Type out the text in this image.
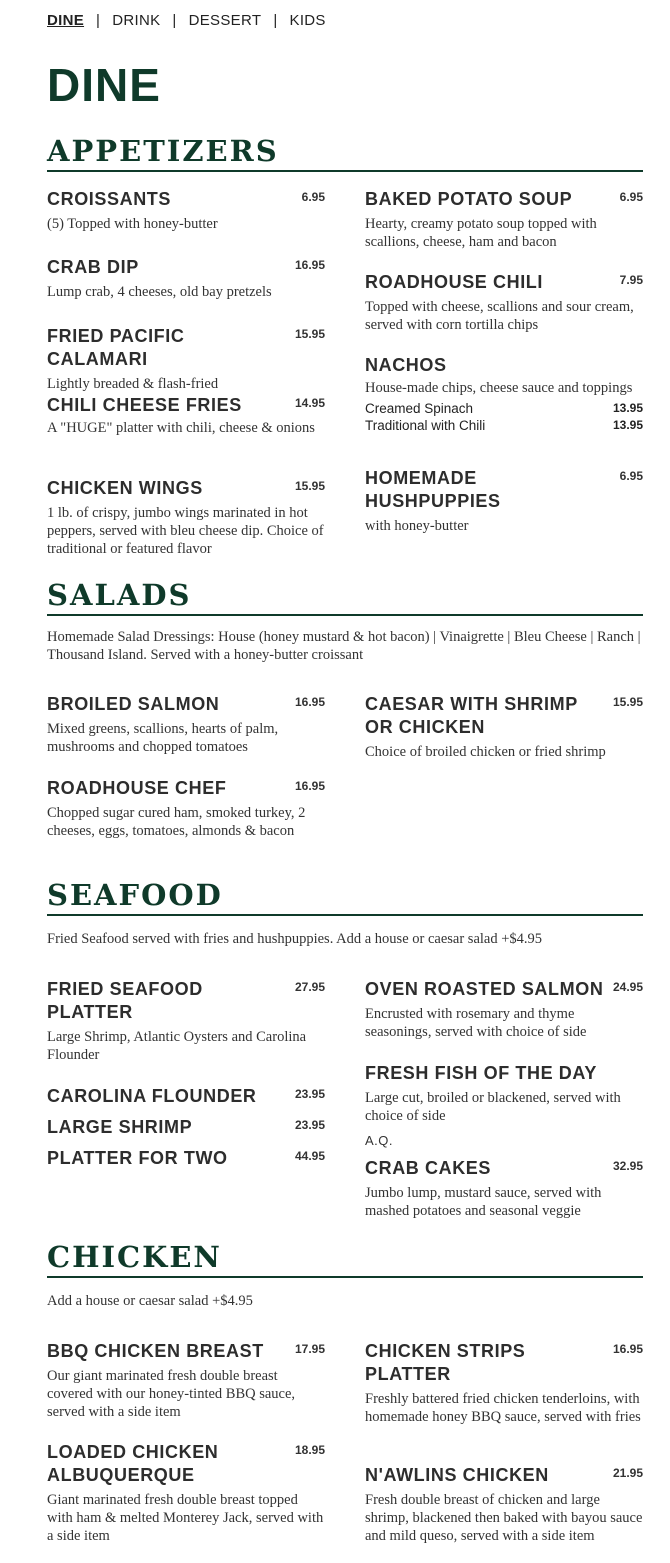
DINE | DRINK | DESSERT | KIDS
DINE
APPETIZERS
CROISSANTS	6.95
(5) Topped with honey-butter
CRAB DIP	16.95
Lump crab, 4 cheeses, old bay pretzels
FRIED PACIFIC CALAMARI
15.95
Lightly breaded & flash-fried
CHILI CHEESE FRIES	14.95
A "HUGE" platter with chili, cheese & onions
CHICKEN WINGS	15.95
1 lb. of crispy, jumbo wings marinated in hot peppers, served with bleu cheese dip. Choice of traditional or featured flavor
BAKED POTATO SOUP	6.95
Hearty, creamy potato soup topped with scallions, cheese, ham and bacon
ROADHOUSE CHILI	7.95
Topped with cheese, scallions and sour cream, served with corn tortilla chips
NACHOS
House-made chips, cheese sauce and toppings
Creamed Spinach	13.95
Traditional with Chili	13.95
HOMEMADE HUSHPUPPIES
6.95
with honey-butter
SALADS
Homemade Salad Dressings: House (honey mustard & hot bacon) | Vinaigrette | Bleu Cheese | Ranch | Thousand Island. Served with a honey-butter croissant
BROILED SALMON	16.95
Mixed greens, scallions, hearts of palm, mushrooms and chopped tomatoes
ROADHOUSE CHEF	16.95
Chopped sugar cured ham, smoked turkey, 2 cheeses, eggs, tomatoes, almonds & bacon
CAESAR WITH SHRIMP OR CHICKEN
15.95
Choice of broiled chicken or fried shrimp
SEAFOOD
Fried Seafood served with fries and hushpuppies. Add a house or caesar salad +$4.95
FRIED SEAFOOD PLATTER
27.95
Large Shrimp, Atlantic Oysters and Carolina Flounder
CAROLINA FLOUNDER	23.95
LARGE SHRIMP	23.95
PLATTER FOR TWO	44.95
OVEN ROASTED SALMON 24.95
Encrusted with rosemary and thyme seasonings, served with choice of side
FRESH FISH OF THE DAY
Large cut, broiled or blackened, served with choice of side
A.Q.
CRAB CAKES	32.95
Jumbo lump, mustard sauce, served with mashed potatoes and seasonal veggie
CHICKEN
Add a house or caesar salad +$4.95
BBQ CHICKEN BREAST	17.95
Our giant marinated fresh double breast covered with our honey-tinted BBQ sauce, served with a side item
LOADED CHICKEN ALBUQUERQUE
18.95
Giant marinated fresh double breast topped with ham & melted Monterey Jack, served with a side item
CHICKEN STRIPS PLATTER
16.95
Freshly battered fried chicken tenderloins, with homemade honey BBQ sauce, served with fries
N'AWLINS CHICKEN	21.95
Fresh double breast of chicken and large shrimp, blackened then baked with bayou sauce and mild queso, served with a side item
